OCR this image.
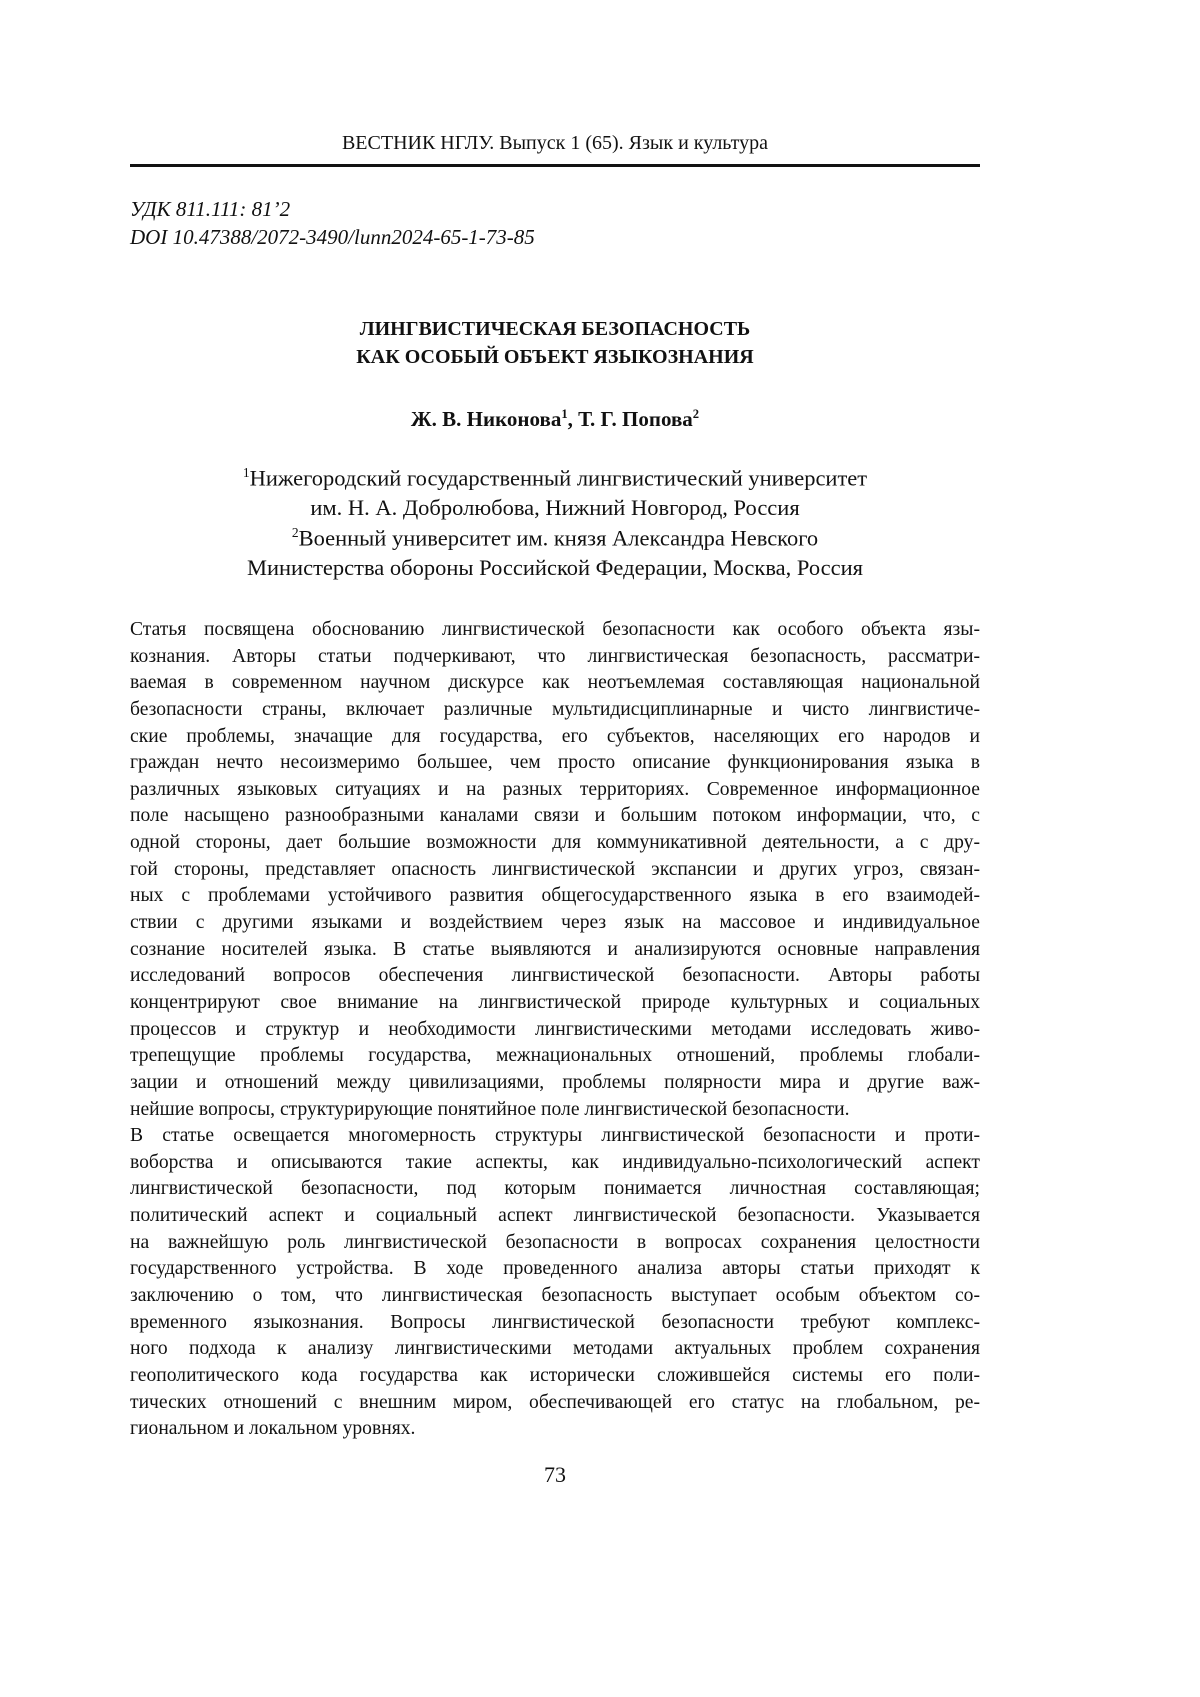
ВЕСТНИК НГЛУ. Выпуск 1 (65). Язык и культура
УДК 811.111: 81’2
DOI 10.47388/2072-3490/lunn2024-65-1-73-85
ЛИНГВИСТИЧЕСКАЯ БЕЗОПАСНОСТЬ
КАК ОСОБЫЙ ОБЪЕКТ ЯЗЫКОЗНАНИЯ
Ж. В. Никонова1, Т. Г. Попова2
1Нижегородский государственный лингвистический университет
им. Н. А. Добролюбова, Нижний Новгород, Россия
2Военный университет им. князя Александра Невского
Министерства обороны Российской Федерации, Москва, Россия
Статья посвящена обоснованию лингвистической безопасности как особого объекта язы-
кознания. Авторы статьи подчеркивают, что лингвистическая безопасность, рассматри-
ваемая в современном научном дискурсе как неотъемлемая составляющая национальной
безопасности страны, включает различные мультидисциплинарные и чисто лингвистиче-
ские проблемы, значащие для государства, его субъектов, населяющих его народов и
граждан нечто несоизмеримо большее, чем просто описание функционирования языка в
различных языковых ситуациях и на разных территориях. Современное информационное
поле насыщено разнообразными каналами связи и большим потоком информации, что, с
одной стороны, дает большие возможности для коммуникативной деятельности, а с дру-
гой стороны, представляет опасность лингвистической экспансии и других угроз, связан-
ных с проблемами устойчивого развития общегосударственного языка в его взаимодей-
ствии с другими языками и воздействием через язык на массовое и индивидуальное
сознание носителей языка. В статье выявляются и анализируются основные направления
исследований вопросов обеспечения лингвистической безопасности. Авторы работы
концентрируют свое внимание на лингвистической природе культурных и социальных
процессов и структур и необходимости лингвистическими методами исследовать живо-
трепещущие проблемы государства, межнациональных отношений, проблемы глобали-
зации и отношений между цивилизациями, проблемы полярности мира и другие важ-
нейшие вопросы, структурирующие понятийное поле лингвистической безопасности.
В статье освещается многомерность структуры лингвистической безопасности и проти-
воборства и описываются такие аспекты, как индивидуально-психологический аспект
лингвистической безопасности, под которым понимается личностная составляющая;
политический аспект и социальный аспект лингвистической безопасности. Указывается
на важнейшую роль лингвистической безопасности в вопросах сохранения целостности
государственного устройства. В ходе проведенного анализа авторы статьи приходят к
заключению о том, что лингвистическая безопасность выступает особым объектом со-
временного языкознания. Вопросы лингвистической безопасности требуют комплекс-
ного подхода к анализу лингвистическими методами актуальных проблем сохранения
геополитического кода государства как исторически сложившейся системы его поли-
тических отношений с внешним миром, обеспечивающей его статус на глобальном, ре-
гиональном и локальном уровнях.
73
